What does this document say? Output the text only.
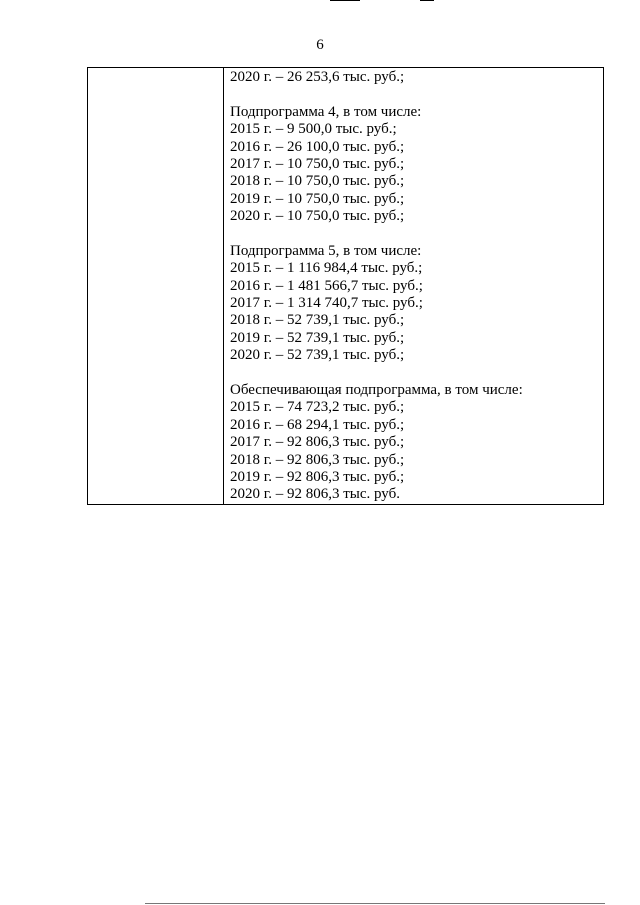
6

2020 г. – 26 253,6 тыс. руб.;
Подпрограмма 4, в том числе:
2015 г. – 9 500,0 тыс. руб.;
2016 г. – 26 100,0 тыс. руб.;
2017 г. – 10 750,0 тыс. руб.;
2018 г. – 10 750,0 тыс. руб.;
2019 г. – 10 750,0 тыс. руб.;
2020 г. – 10 750,0 тыс. руб.;
Подпрограмма 5, в том числе:
2015 г. – 1 116 984,4 тыс. руб.;
2016 г. – 1 481 566,7 тыс. руб.;
2017 г. – 1 314 740,7 тыс. руб.;
2018 г. – 52 739,1 тыс. руб.;
2019 г. – 52 739,1 тыс. руб.;
2020 г. – 52 739,1 тыс. руб.;
Обеспечивающая подпрограмма, в том числе:
2015 г. – 74 723,2 тыс. руб.;
2016 г. – 68 294,1 тыс. руб.;
2017 г. – 92 806,3 тыс. руб.;
2018 г. – 92 806,3 тыс. руб.;
2019 г. – 92 806,3 тыс. руб.;
2020 г. – 92 806,3 тыс. руб.
